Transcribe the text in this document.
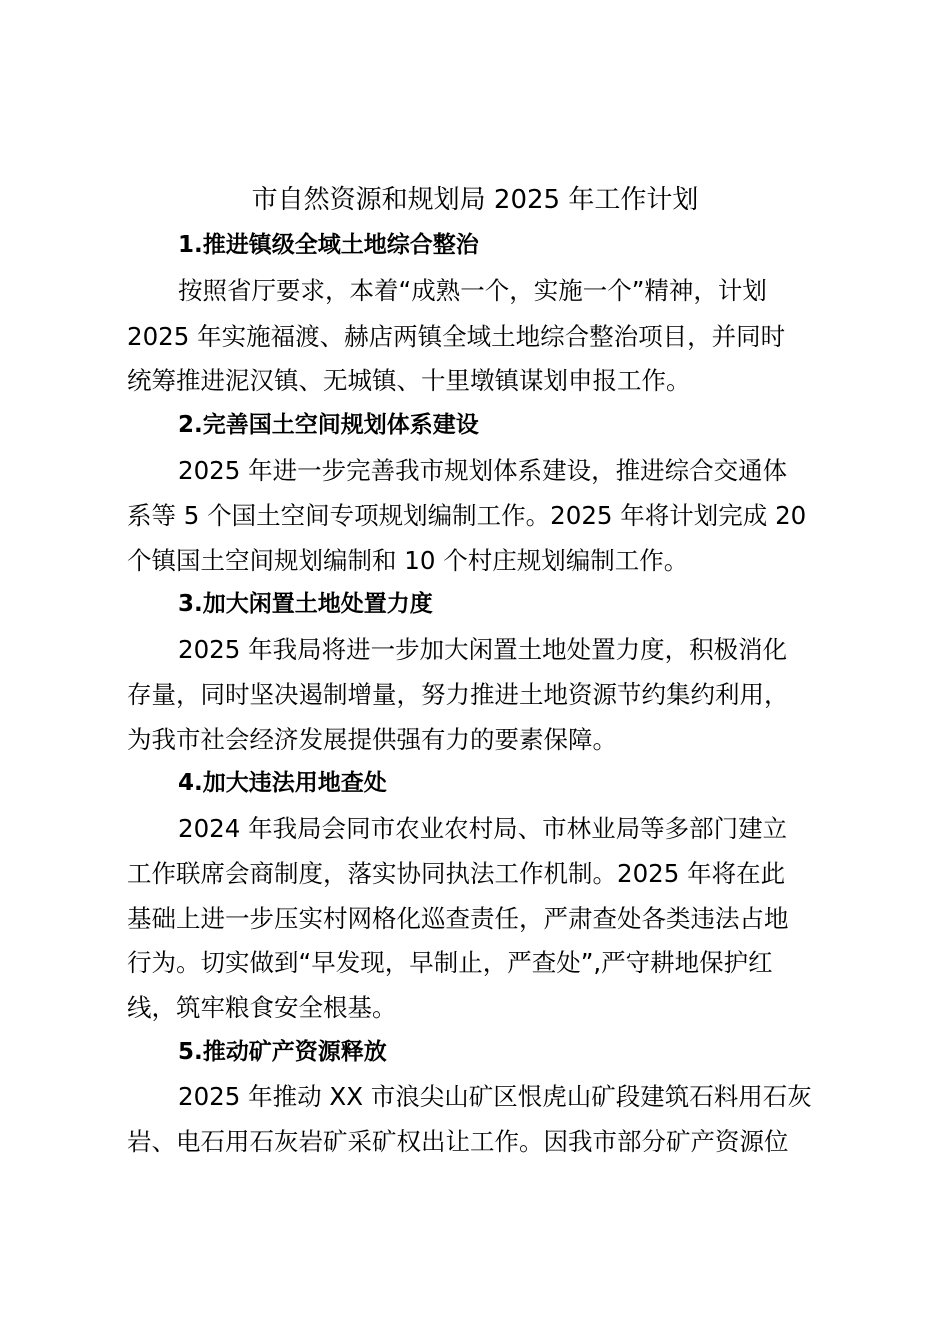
市自然资源和规划局 2025 年工作计划
1.推进镇级全域土地综合整治
按照省厅要求，本着“成熟一个，实施一个”精神，计划
2025 年实施福渡、赫店两镇全域土地综合整治项目，并同时
统筹推进泥汉镇、无城镇、十里墩镇谋划申报工作。
2.完善国土空间规划体系建设
2025 年进一步完善我市规划体系建设，推进综合交通体
系等 5 个国土空间专项规划编制工作。2025 年将计划完成 20
个镇国土空间规划编制和 10 个村庄规划编制工作。
3.加大闲置土地处置力度
2025 年我局将进一步加大闲置土地处置力度，积极消化
存量，同时坚决遏制增量，努力推进土地资源节约集约利用，
为我市社会经济发展提供强有力的要素保障。
4.加大违法用地查处
2024 年我局会同市农业农村局、市林业局等多部门建立
工作联席会商制度，落实协同执法工作机制。2025 年将在此
基础上进一步压实村网格化巡查责任，严肃查处各类违法占地
行为。切实做到“早发现，早制止，严查处”,严守耕地保护红
线，筑牢粮食安全根基。
5.推动矿产资源释放
2025 年推动 XX 市浪尖山矿区恨虎山矿段建筑石料用石灰
岩、电石用石灰岩矿采矿权出让工作。因我市部分矿产资源位
